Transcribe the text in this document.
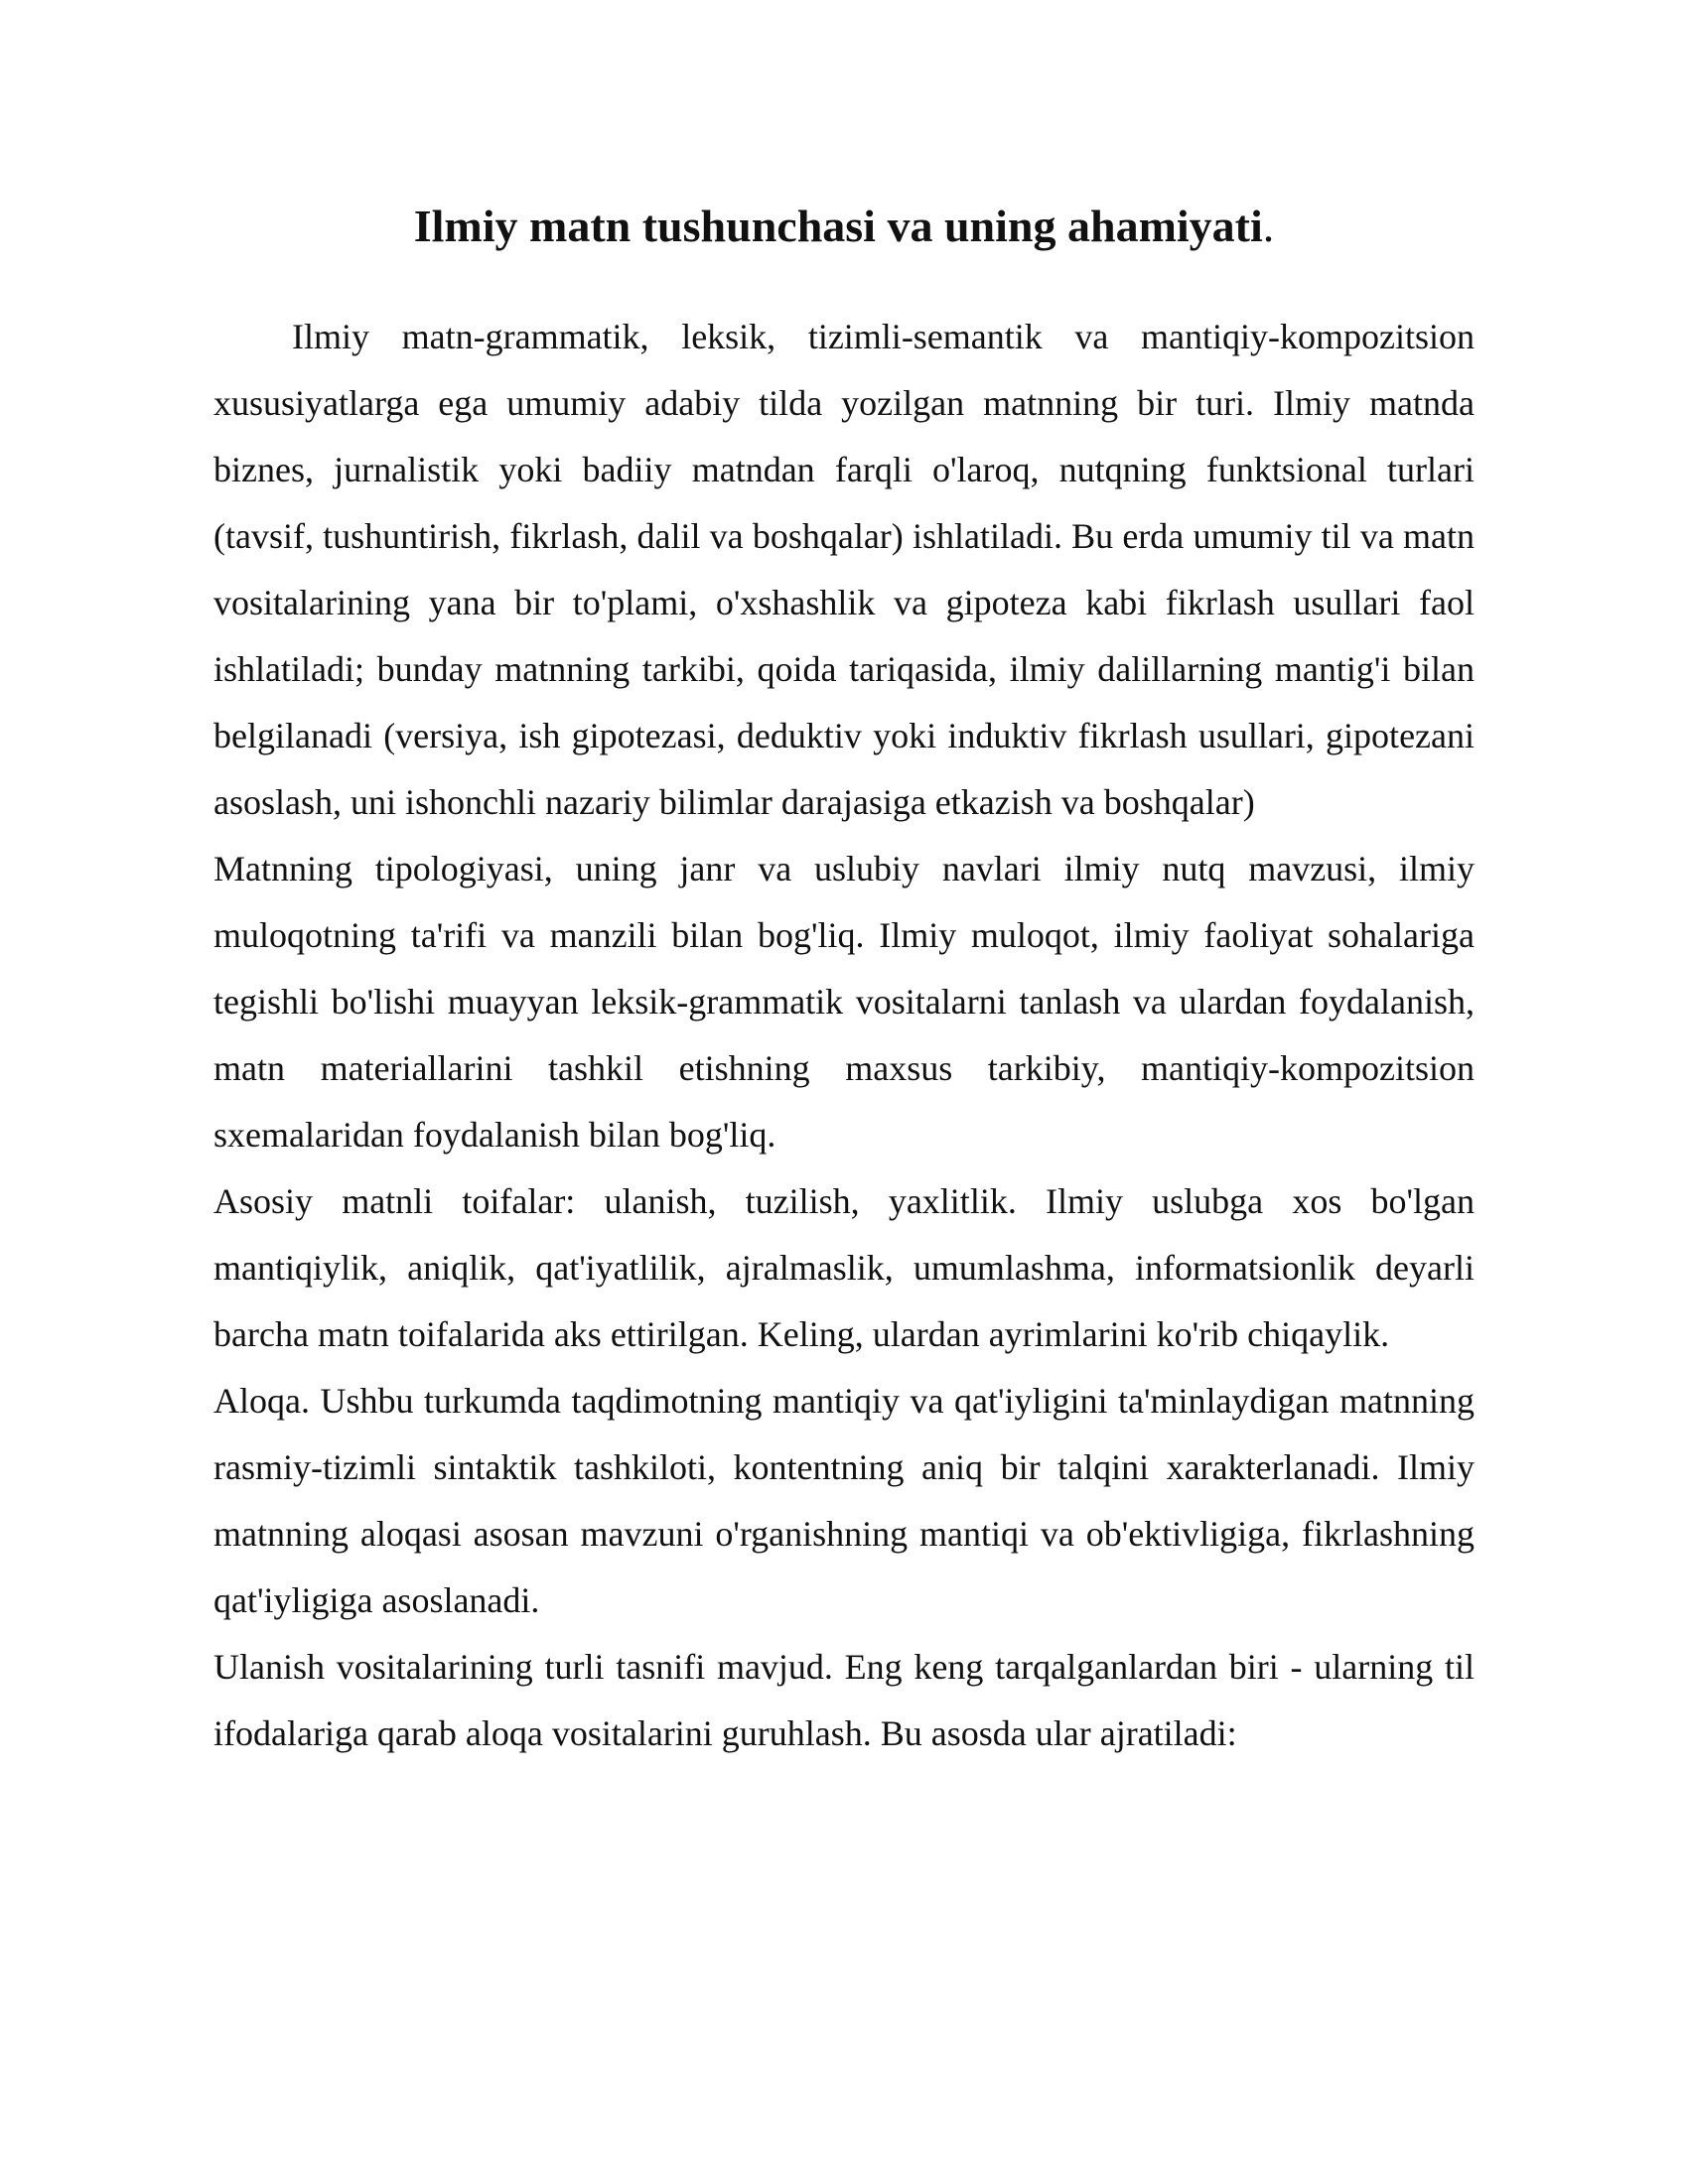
Ilmiy matn tushunchasi va uning ahamiyati.

Ilmiy matn-grammatik, leksik, tizimli-semantik va mantiqiy-kompozitsion xususiyatlarga ega umumiy adabiy tilda yozilgan matnning bir turi. Ilmiy matnda biznes, jurnalistik yoki badiiy matndan farqli o'laroq, nutqning funktsional turlari (tavsif, tushuntirish, fikrlash, dalil va boshqalar) ishlatiladi. Bu erda umumiy til va matn vositalarining yana bir to'plami, o'xshashlik va gipoteza kabi fikrlash usullari faol ishlatiladi; bunday matnning tarkibi, qoida tariqasida, ilmiy dalillarning mantig'i bilan belgilanadi (versiya, ish gipotezasi, deduktiv yoki induktiv fikrlash usullari, gipotezani asoslash, uni ishonchli nazariy bilimlar darajasiga etkazish va boshqalar)

Matnning tipologiyasi, uning janr va uslubiy navlari ilmiy nutq mavzusi, ilmiy muloqotning ta'rifi va manzili bilan bog'liq. Ilmiy muloqot, ilmiy faoliyat sohalariga tegishli bo'lishi muayyan leksik-grammatik vositalarni tanlash va ulardan foydalanish, matn materiallarini tashkil etishning maxsus tarkibiy, mantiqiy-kompozitsion sxemalaridan foydalanish bilan bog'liq.
Asosiy matnli toifalar: ulanish, tuzilish, yaxlitlik. Ilmiy uslubga xos bo'lgan mantiqiylik, aniqlik, qat'iyatlilik, ajralmaslik, umumlashma, informatsionlik deyarli barcha matn toifalarida aks ettirilgan. Keling, ulardan ayrimlarini ko'rib chiqaylik.

Aloqa. Ushbu turkumda taqdimotning mantiqiy va qat'iyligini ta'minlaydigan matnning rasmiy-tizimli sintaktik tashkiloti, kontentning aniq bir talqini xarakterlanadi. Ilmiy matnning aloqasi asosan mavzuni o'rganishning mantiqi va ob'ektivligiga, fikrlashning qat'iyligiga asoslanadi.
Ulanish vositalarining turli tasnifi mavjud. Eng keng tarqalganlardan biri - ularning til ifodalariga qarab aloqa vositalarini guruhlash. Bu asosda ular ajratiladi:
